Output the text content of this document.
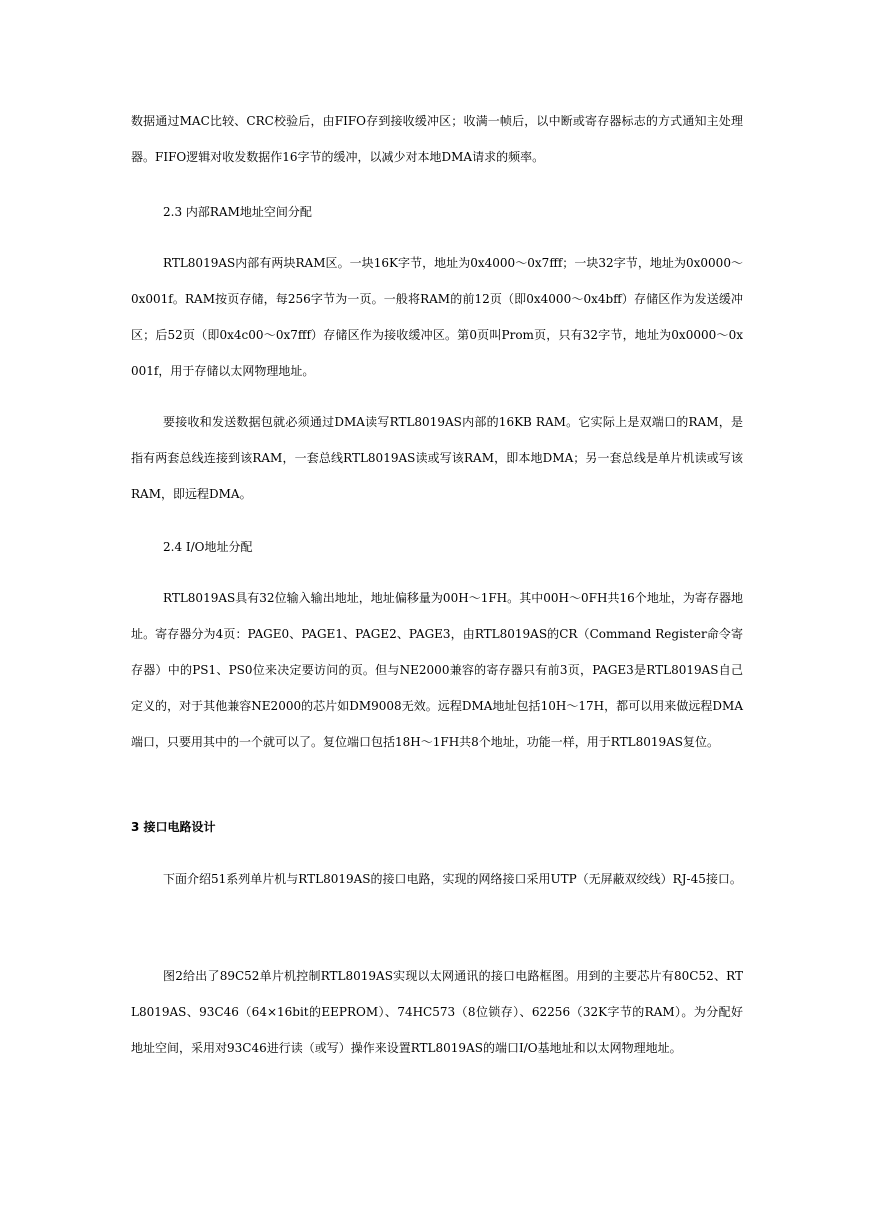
数据通过MAC比较、CRC校验后，由FIFO存到接收缓冲区；收满一帧后，以中断或寄存器标志的方式通知主处理器。FIFO逻辑对收发数据作16字节的缓冲，以减少对本地DMA请求的频率。

2.3 内部RAM地址空间分配

RTL8019AS内部有两块RAM区。一块16K字节，地址为0x4000～0x7fff；一块32字节，地址为0x0000～0x001f。RAM按页存储，每256字节为一页。一般将RAM的前12页（即0x4000～0x4bff）存储区作为发送缓冲区；后52页（即0x4c00～0x7fff）存储区作为接收缓冲区。第0页叫Prom页，只有32字节，地址为0x0000～0x001f，用于存储以太网物理地址。

要接收和发送数据包就必须通过DMA读写RTL8019AS内部的16KB RAM。它实际上是双端口的RAM，是指有两套总线连接到该RAM，一套总线RTL8019AS读或写该RAM，即本地DMA；另一套总线是单片机读或写该RAM，即远程DMA。

2.4 I/O地址分配

RTL8019AS具有32位输入输出地址，地址偏移量为00H～1FH。其中00H～0FH共16个地址，为寄存器地址。寄存器分为4页：PAGE0、PAGE1、PAGE2、PAGE3，由RTL8019AS的CR（Command Register命令寄存器）中的PS1、PS0位来决定要访问的页。但与NE2000兼容的寄存器只有前3页，PAGE3是RTL8019AS自己定义的，对于其他兼容NE2000的芯片如DM9008无效。远程DMA地址包括10H～17H，都可以用来做远程DMA端口，只要用其中的一个就可以了。复位端口包括18H～1FH共8个地址，功能一样，用于RTL8019AS复位。

3 接口电路设计

下面介绍51系列单片机与RTL8019AS的接口电路，实现的网络接口采用UTP（无屏蔽双绞线）RJ-45接口。

图2给出了89C52单片机控制RTL8019AS实现以太网通讯的接口电路框图。用到的主要芯片有80C52、RTL8019AS、93C46（64×16bit的EEPROM）、74HC573（8位锁存）、62256（32K字节的RAM）。为分配好地址空间，采用对93C46进行读（或写）操作来设置RTL8019AS的端口I/O基地址和以太网物理地址。
